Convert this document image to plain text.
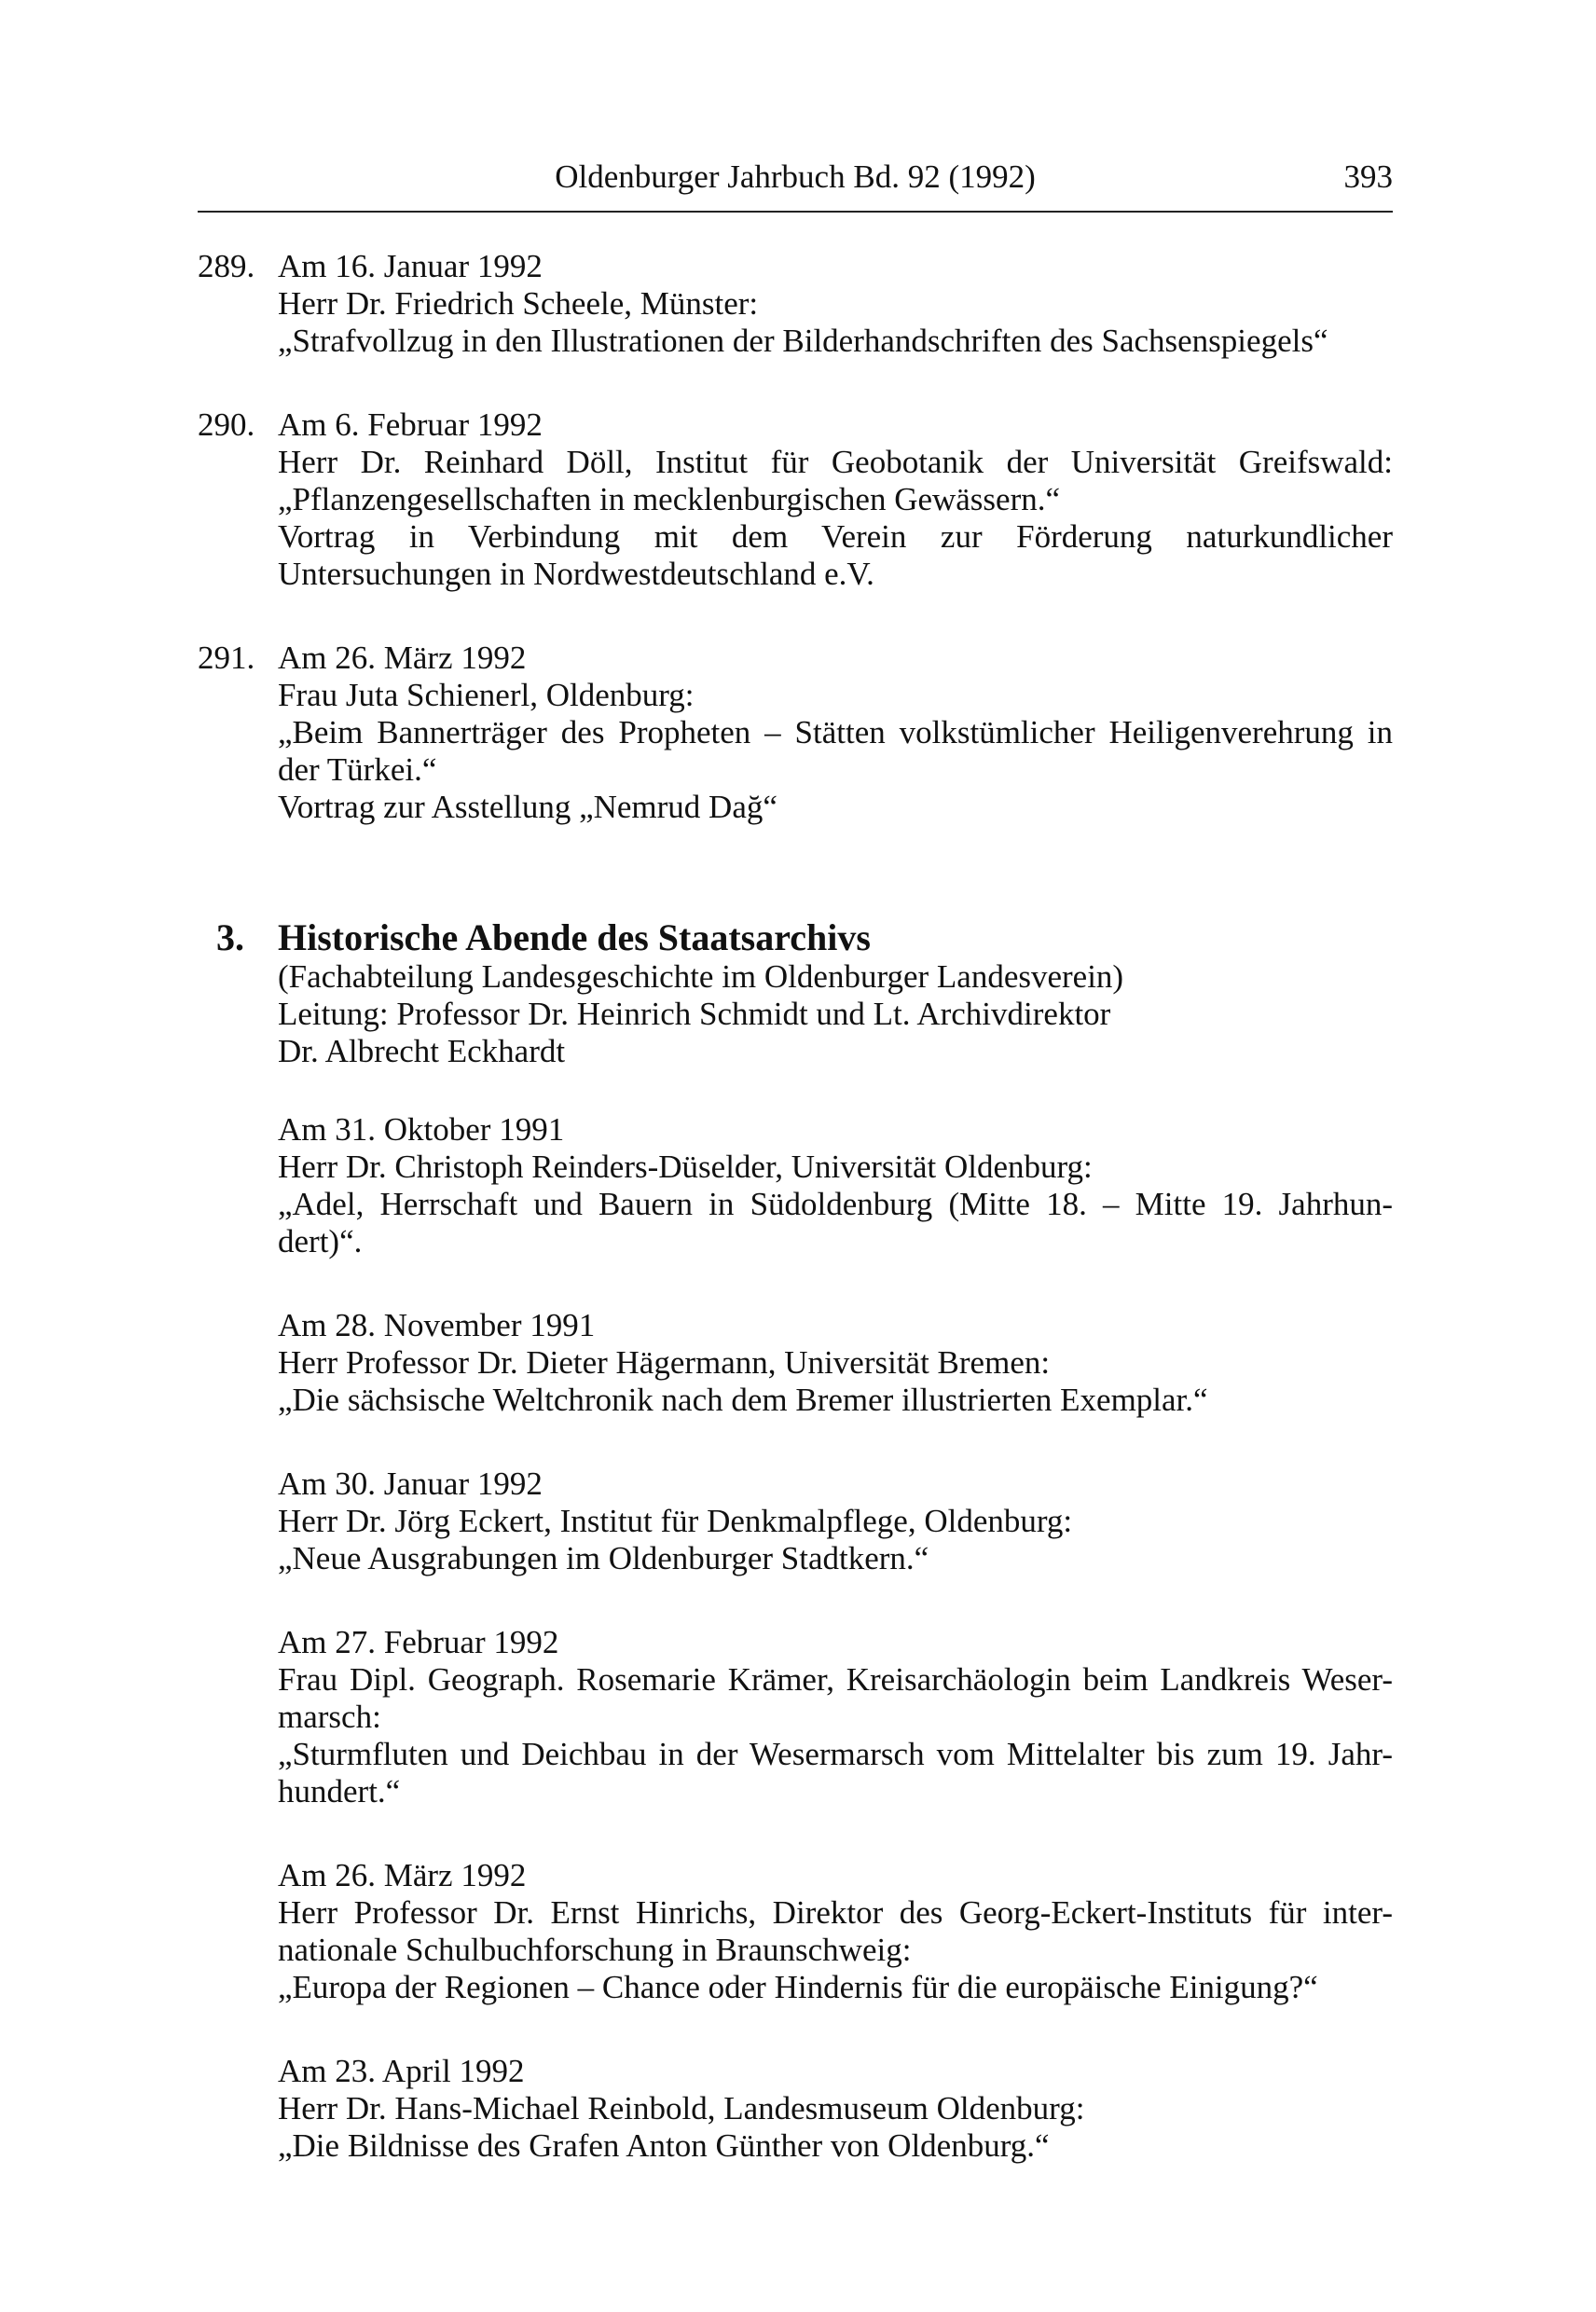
Oldenburger Jahrbuch Bd. 92 (1992)	393
289. Am 16. Januar 1992
Herr Dr. Friedrich Scheele, Münster:
„Strafvollzug in den Illustrationen der Bilderhandschriften des Sachsenspiegels“
290. Am 6. Februar 1992
Herr Dr. Reinhard Döll, Institut für Geobotanik der Universität Greifswald:
„Pflanzengesellschaften in mecklenburgischen Gewässern.“
Vortrag in Verbindung mit dem Verein zur Förderung naturkundlicher
Untersuchungen in Nordwestdeutschland e.V.
291. Am 26. März 1992
Frau Juta Schienerl, Oldenburg:
„Beim Bannerträger des Propheten – Stätten volkstümlicher Heiligenverehrung in
der Türkei.“
Vortrag zur Asstellung „Nemrud Dağ“
3. Historische Abende des Staatsarchivs
(Fachabteilung Landesgeschichte im Oldenburger Landesverein)
Leitung: Professor Dr. Heinrich Schmidt und Lt. Archivdirektor
Dr. Albrecht Eckhardt
Am 31. Oktober 1991
Herr Dr. Christoph Reinders-Düselder, Universität Oldenburg:
„Adel, Herrschaft und Bauern in Südoldenburg (Mitte 18. – Mitte 19. Jahrhun-
dert)“.
Am 28. November 1991
Herr Professor Dr. Dieter Hägermann, Universität Bremen:
„Die sächsische Weltchronik nach dem Bremer illustrierten Exemplar.“
Am 30. Januar 1992
Herr Dr. Jörg Eckert, Institut für Denkmalpflege, Oldenburg:
„Neue Ausgrabungen im Oldenburger Stadtkern.“
Am 27. Februar 1992
Frau Dipl. Geograph. Rosemarie Krämer, Kreisarchäologin beim Landkreis Weser-
marsch:
„Sturmfluten und Deichbau in der Wesermarsch vom Mittelalter bis zum 19. Jahr-
hundert.“
Am 26. März 1992
Herr Professor Dr. Ernst Hinrichs, Direktor des Georg-Eckert-Instituts für inter-
nationale Schulbuchforschung in Braunschweig:
„Europa der Regionen – Chance oder Hindernis für die europäische Einigung?“
Am 23. April 1992
Herr Dr. Hans-Michael Reinbold, Landesmuseum Oldenburg:
„Die Bildnisse des Grafen Anton Günther von Oldenburg.“
